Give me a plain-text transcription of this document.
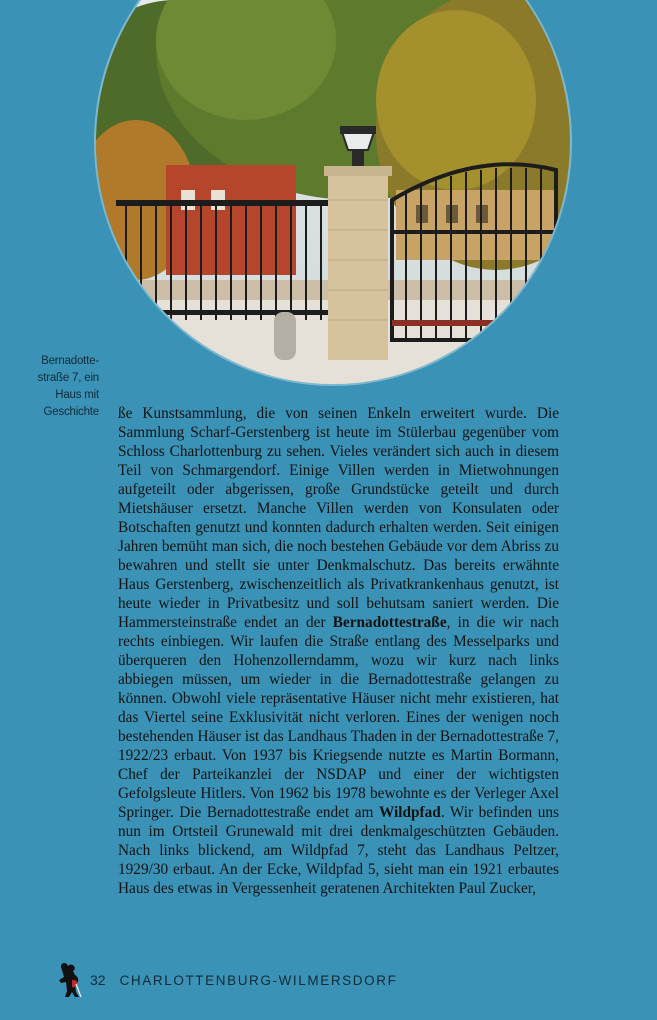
Bernadotte-
straße 7, ein
Haus mit
Geschichte ße Kunstsammlung, die von seinen Enkeln erweitert wurde. Die Sammlung Scharf-Gerstenberg ist heute im Stülerbau gegenüber vom Schloss Charlottenburg zu sehen. Vieles verändert sich auch in diesem Teil von Schmargendorf. Einige Villen werden in Mietwohnungen aufgeteilt oder abgerissen, große Grundstücke geteilt und durch Mietshäuser ersetzt. Manche Villen werden von Konsulaten oder Botschaften genutzt und konnten dadurch erhalten werden. Seit einigen Jahren bemüht man sich, die noch bestehen Gebäude vor dem Abriss zu bewahren und stellt sie unter Denkmalschutz. Das bereits erwähnte Haus Gerstenberg, zwischenzeitlich als Privatkrankenhaus genutzt, ist heute wieder in Privatbesitz und soll behutsam saniert werden. Die Hammersteinstraße endet an der Bernadottestraße, in die wir nach rechts einbiegen. Wir laufen die Straße entlang des Messelparks und überqueren den Hohenzollerndamm, wozu wir kurz nach links abbiegen müssen, um wieder in die Bernadottestraße gelangen zu können. Obwohl viele repräsentative Häuser nicht mehr existieren, hat das Viertel seine Exklusivität nicht verloren. Eines der wenigen noch bestehenden Häuser ist das Landhaus Thaden in der Bernadottestraße 7, 1922/23 erbaut. Von 1937 bis Kriegsende nutzte es Martin Bormann, Chef der Parteikanzlei der NSDAP und einer der wichtigsten Gefolgsleute Hitlers. Von 1962 bis 1978 bewohnte es der Verleger Axel Springer. Die Bernadottestraße endet am Wildpfad. Wir befinden uns nun im Ortsteil Grunewald mit drei denkmalgeschützten Gebäuden. Nach links blickend, am Wildpfad 7, steht das Landhaus Peltzer, 1929/30 erbaut. An der Ecke, Wildpfad 5, sieht man ein 1921 erbautes Haus des etwas in Vergessenheit geratenen Architekten Paul Zucker,

32 CHARLOTTENBURG-WILMERSDORF
